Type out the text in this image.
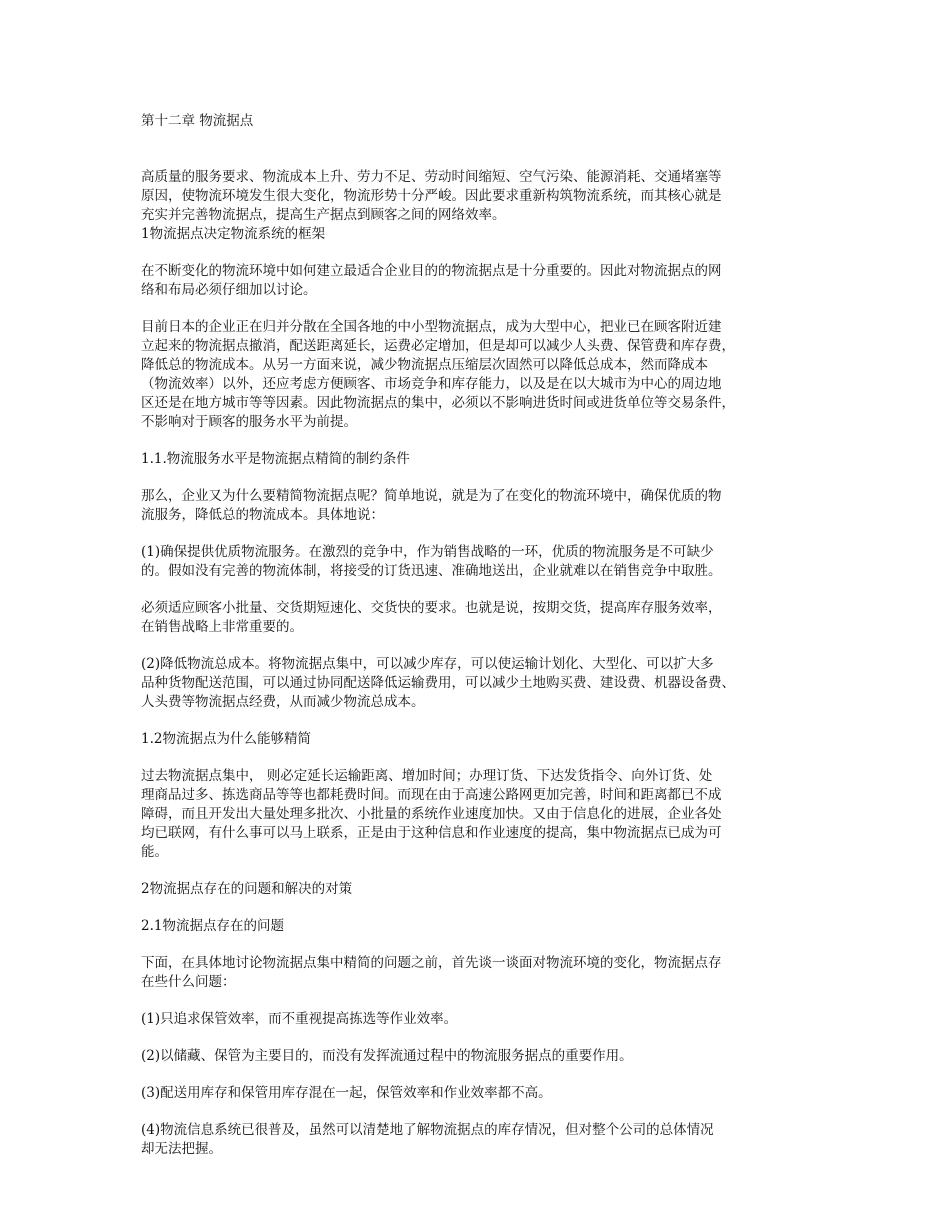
第十二章 物流据点

高质量的服务要求、物流成本上升、劳力不足、劳动时间缩短、空气污染、能源消耗、交通堵塞等
原因，使物流环境发生很大变化，物流形势十分严峻。因此要求重新构筑物流系统，而其核心就是
充实并完善物流据点，提高生产据点到顾客之间的网络效率。

1物流据点决定物流系统的框架

在不断变化的物流环境中如何建立最适合企业目的的物流据点是十分重要的。因此对物流据点的网
络和布局必须仔细加以讨论。

目前日本的企业正在归并分散在全国各地的中小型物流据点，成为大型中心，把业已在顾客附近建
立起来的物流据点撤消，配送距离延长，运费必定增加，但是却可以减少人头费、保管费和库存费，
降低总的物流成本。从另一方面来说，减少物流据点压缩层次固然可以降低总成本，然而降成本
（物流效率）以外，还应考虑方便顾客、市场竞争和库存能力，以及是在以大城市为中心的周边地
区还是在地方城市等等因素。因此物流据点的集中，必须以不影响进货时间或进货单位等交易条件，
不影响对于顾客的服务水平为前提。

1.1.物流服务水平是物流据点精简的制约条件

那么，企业又为什么要精简物流据点呢？简单地说，就是为了在变化的物流环境中，确保优质的物
流服务，降低总的物流成本。具体地说：

(1)确保提供优质物流服务。在激烈的竞争中，作为销售战略的一环，优质的物流服务是不可缺少
的。假如没有完善的物流体制，将接受的订货迅速、准确地送出，企业就难以在销售竞争中取胜。

必须适应顾客小批量、交货期短速化、交货快的要求。也就是说，按期交货，提高库存服务效率，
在销售战略上非常重要的。

(2)降低物流总成本。将物流据点集中，可以减少库存，可以使运输计划化、大型化、可以扩大多
品种货物配送范围，可以通过协同配送降低运输费用，可以减少土地购买费、建设费、机器设备费、
人头费等物流据点经费，从而减少物流总成本。

1.2物流据点为什么能够精简

过去物流据点集中， 则必定延长运输距离、增加时间；办理订货、下达发货指令、向外订货、处
理商品过多、拣选商品等等也都耗费时间。而现在由于高速公路网更加完善，时间和距离都已不成
障碍，而且开发出大量处理多批次、小批量的系统作业速度加快。又由于信息化的进展，企业各处
均已联网，有什么事可以马上联系，正是由于这种信息和作业速度的提高，集中物流据点已成为可
能。

2物流据点存在的问题和解决的对策

2.1物流据点存在的问题

下面，在具体地讨论物流据点集中精简的问题之前，首先谈一谈面对物流环境的变化，物流据点存
在些什么问题：

(1)只追求保管效率，而不重视提高拣选等作业效率。

(2)以储藏、保管为主要目的，而没有发挥流通过程中的物流服务据点的重要作用。

(3)配送用库存和保管用库存混在一起，保管效率和作业效率都不高。

(4)物流信息系统已很普及，虽然可以清楚地了解物流据点的库存情况，但对整个公司的总体情况
却无法把握。
